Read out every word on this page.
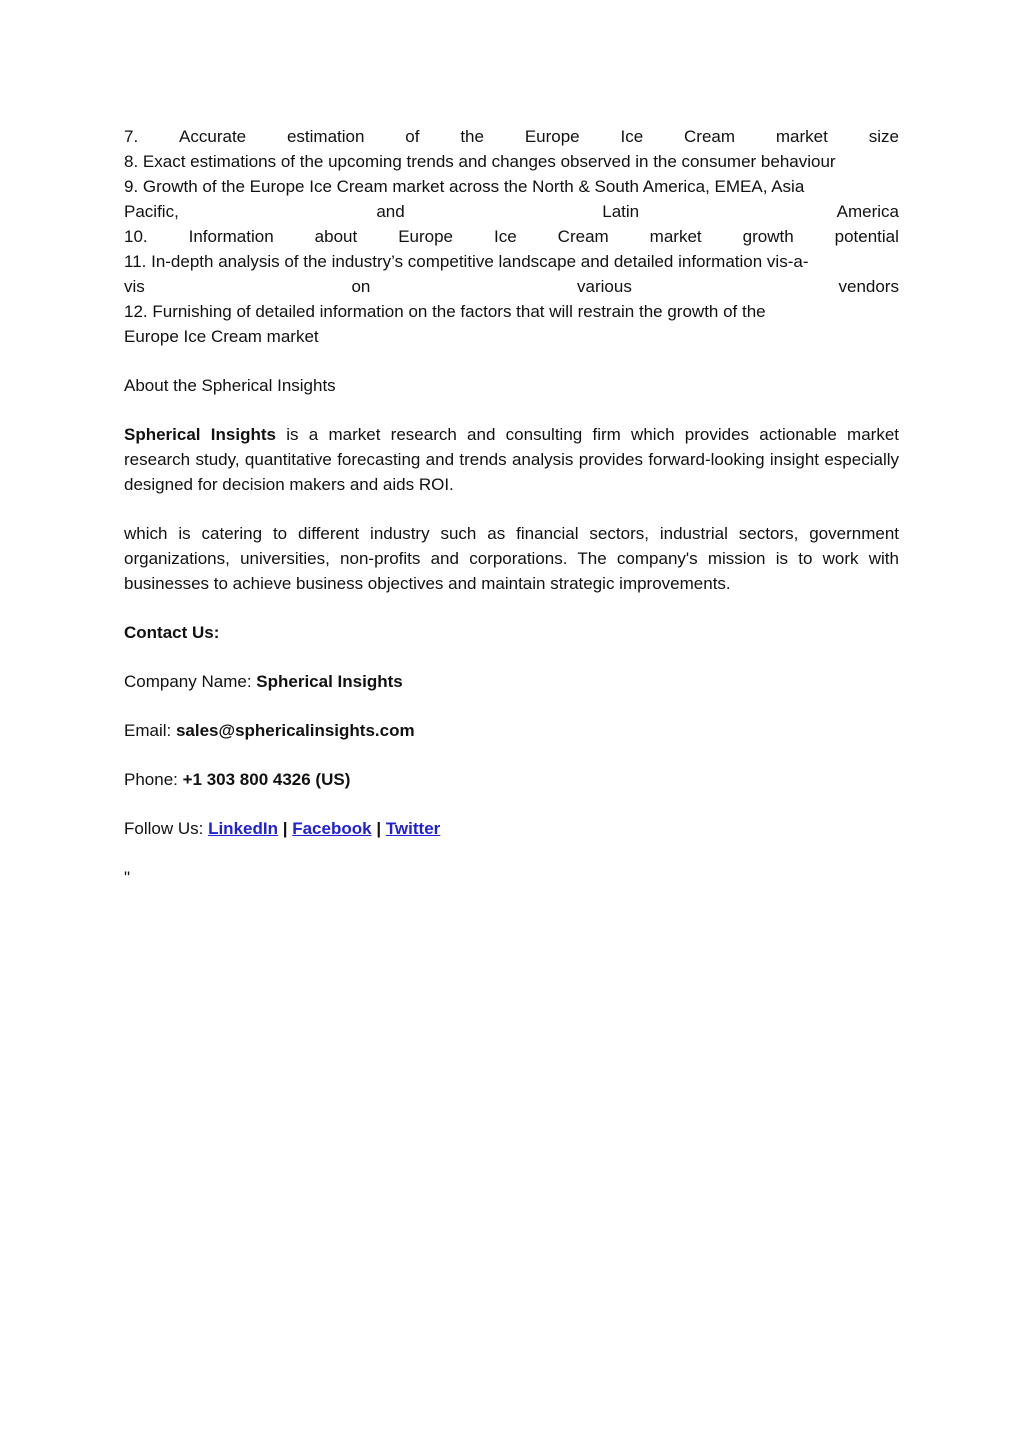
7. Accurate estimation of the Europe Ice Cream market size
8. Exact estimations of the upcoming trends and changes observed in the consumer behaviour
9. Growth of the Europe Ice Cream market across the North & South America, EMEA, Asia
Pacific,	and	Latin	America
10. Information about Europe Ice Cream market growth potential
11. In-depth analysis of the industry’s competitive landscape and detailed information vis-a-
vis	on	various	vendors
12. Furnishing of detailed information on the factors that will restrain the growth of the
Europe Ice Cream market

About the Spherical Insights

Spherical Insights is a market research and consulting firm which provides actionable market research study, quantitative forecasting and trends analysis provides forward-looking insight especially designed for decision makers and aids ROI.

which is catering to different industry such as financial sectors, industrial sectors, government organizations, universities, non-profits and corporations. The company's mission is to work with businesses to achieve business objectives and maintain strategic improvements.

Contact Us:

Company Name: Spherical Insights

Email: sales@sphericalinsights.com

Phone: +1 303 800 4326 (US)

Follow Us: LinkedIn | Facebook | Twitter

"
